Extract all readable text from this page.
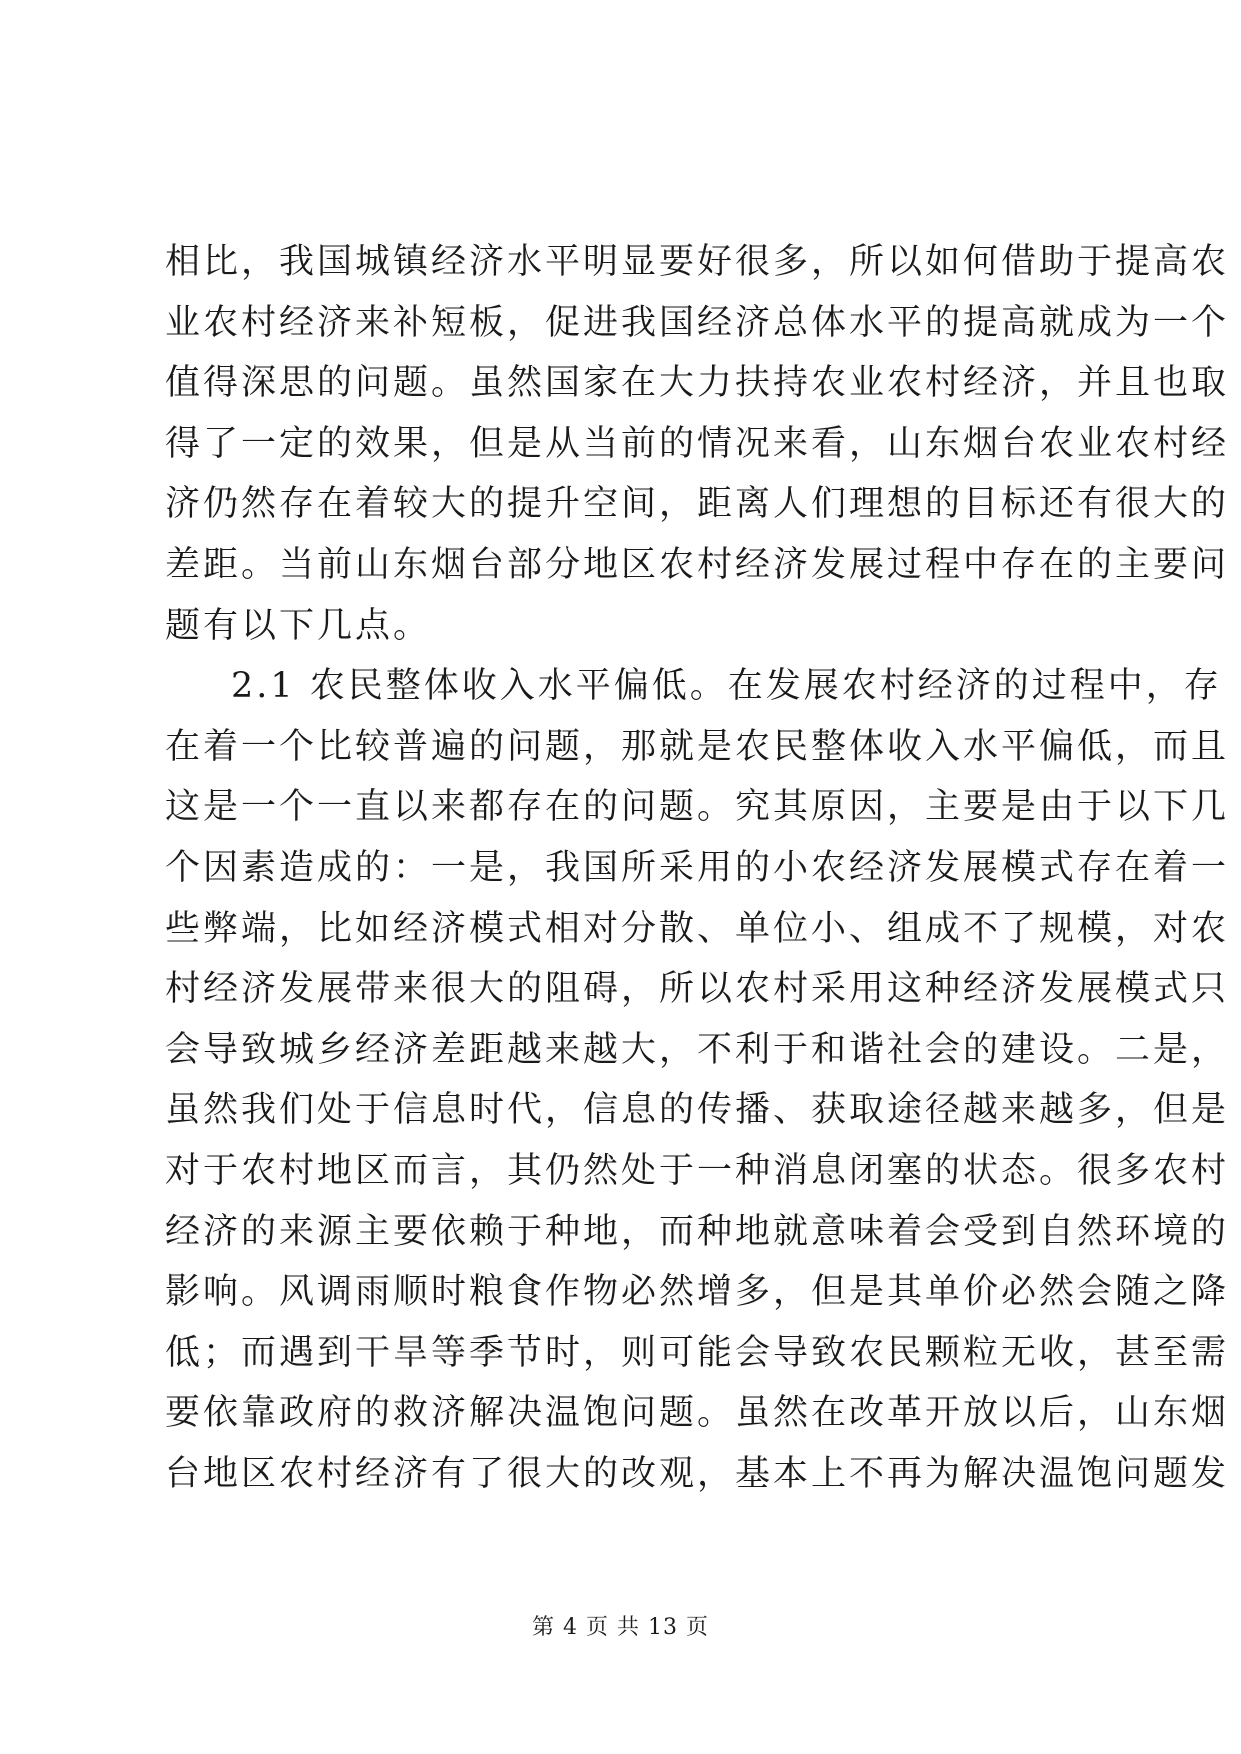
相比，我国城镇经济水平明显要好很多，所以如何借助于提高农
业农村经济来补短板，促进我国经济总体水平的提高就成为一个
值得深思的问题。虽然国家在大力扶持农业农村经济，并且也取
得了一定的效果，但是从当前的情况来看，山东烟台农业农村经
济仍然存在着较大的提升空间，距离人们理想的目标还有很大的
差距。当前山东烟台部分地区农村经济发展过程中存在的主要问
题有以下几点。
2.1 农民整体收入水平偏低。在发展农村经济的过程中，存
在着一个比较普遍的问题，那就是农民整体收入水平偏低，而且
这是一个一直以来都存在的问题。究其原因，主要是由于以下几
个因素造成的：一是，我国所采用的小农经济发展模式存在着一
些弊端，比如经济模式相对分散、单位小、组成不了规模，对农
村经济发展带来很大的阻碍，所以农村采用这种经济发展模式只
会导致城乡经济差距越来越大，不利于和谐社会的建设。二是，
虽然我们处于信息时代，信息的传播、获取途径越来越多，但是
对于农村地区而言，其仍然处于一种消息闭塞的状态。很多农村
经济的来源主要依赖于种地，而种地就意味着会受到自然环境的
影响。风调雨顺时粮食作物必然增多，但是其单价必然会随之降
低；而遇到干旱等季节时，则可能会导致农民颗粒无收，甚至需
要依靠政府的救济解决温饱问题。虽然在改革开放以后，山东烟
台地区农村经济有了很大的改观，基本上不再为解决温饱问题发
第 4 页 共 13 页
